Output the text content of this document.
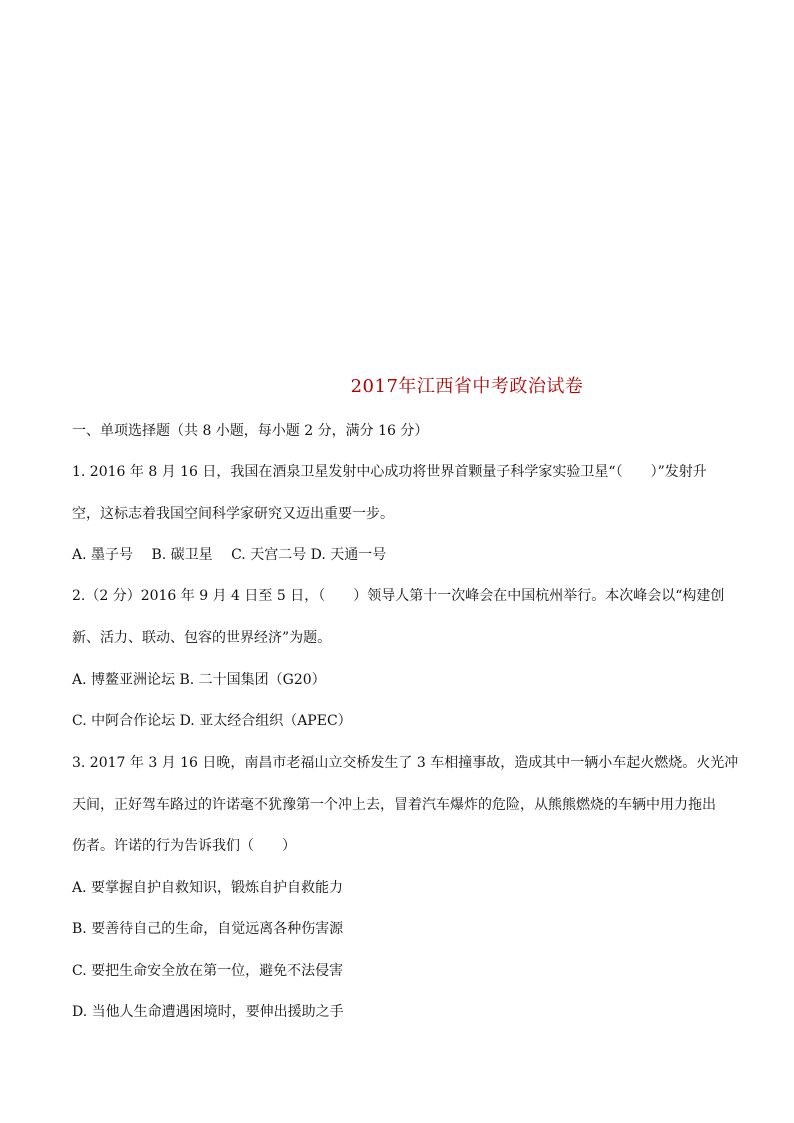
2017年江西省中考政治试卷
一、单项选择题（共 8 小题，每小题 2 分，满分 16 分）
1. 2016 年 8 月 16 日，我国在酒泉卫星发射中心成功将世界首颗量子科学家实验卫星“（　　）”发射升
空，这标志着我国空间科学家研究又迈出重要一步。
A. 墨子号　 B. 碳卫星　 C. 天宫二号 D. 天通一号
2.（2 分）2016 年 9 月 4 日至 5 日，（　　）领导人第十一次峰会在中国杭州举行。本次峰会以“构建创
新、活力、联动、包容的世界经济”为题。
A. 博鳌亚洲论坛 B. 二十国集团（G20）
C. 中阿合作论坛 D. 亚太经合组织（APEC）
3. 2017 年 3 月 16 日晚，南昌市老福山立交桥发生了 3 车相撞事故，造成其中一辆小车起火燃烧。火光冲
天间，正好驾车路过的许诺毫不犹豫第一个冲上去，冒着汽车爆炸的危险，从熊熊燃烧的车辆中用力拖出
伤者。许诺的行为告诉我们（　　）
A. 要掌握自护自救知识，锻炼自护自救能力
B. 要善待自己的生命，自觉远离各种伤害源
C. 要把生命安全放在第一位，避免不法侵害
D. 当他人生命遭遇困境时，要伸出援助之手
